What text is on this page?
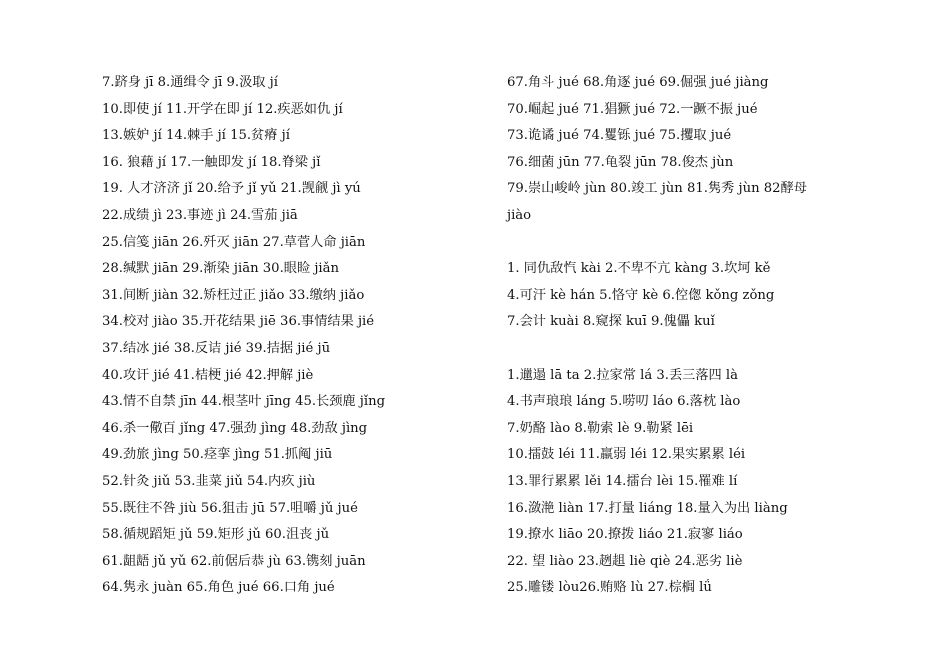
7.跻身 jī 8.通缉令 jī 9.汲取 jí
10.即使 jí 11.开学在即 jí 12.疾恶如仇 jí
13.嫉妒 jí 14.棘手 jí 15.贫瘠 jí
16. 狼藉 jí 17.一触即发 jí 18.脊梁 jǐ
19. 人才济济 jǐ 20.给予 jǐ yǔ 21.觊觎 jì yú
22.成绩 jì 23.事迹 jì 24.雪茄 jiā
25.信笺 jiān 26.歼灭 jiān 27.草菅人命 jiān
28.缄默 jiān 29.渐染 jiān 30.眼睑 jiǎn
31.间断 jiàn 32.矫枉过正 jiǎo 33.缴纳 jiǎo
34.校对 jiào 35.开花结果 jiē 36.事情结果 jié
37.结冰 jié 38.反诘 jié 39.拮据 jié jū
40.攻讦 jié 41.桔梗 jié 42.押解 jiè
43.情不自禁 jīn 44.根茎叶 jīng 45.长颈鹿 jǐng
46.杀一儆百 jǐng 47.强劲 jìng 48.劲敌 jìng
49.劲旅 jìng 50.痉挛 jìng 51.抓阄 jiū
52.针灸 jiǔ 53.韭菜 jiǔ 54.内疚 jiù
55.既往不咎 jiù 56.狙击 jū 57.咀嚼 jǔ jué
58.循规蹈矩 jǔ 59.矩形 jǔ 60.沮丧 jǔ
61.龃龉 jǔ yǔ 62.前倨后恭 jù 63.镌刻 juān
64.隽永 juàn 65.角色 jué 66.口角 jué
67.角斗 jué 68.角逐 jué 69.倔强 jué jiàng
70.崛起 jué 71.猖獗 jué 72.一蹶不振 jué
73.诡谲 jué 74.矍铄 jué 75.攫取 jué
76.细菌 jūn 77.龟裂 jūn 78.俊杰 jùn
79.崇山峻岭 jùn 80.竣工 jùn 81.隽秀 jùn 82酵母 jiào
1. 同仇敌忾 kài 2.不卑不亢 kàng 3.坎坷 kě
4.可汗 kè hán 5.恪守 kè 6.倥偬 kǒng zǒng
7.会计 kuài 8.窥探 kuī 9.傀儡 kuǐ
1.邋遢 lā ta 2.拉家常 lá 3.丢三落四 là
4.书声琅琅 láng 5.唠叨 láo 6.落枕 lào
7.奶酪 lào 8.勒索 lè 9.勒紧 lēi
10.擂鼓 léi 11.羸弱 léi 12.果实累累 léi
13.罪行累累 lěi 14.擂台 lèi 15.罹难 lí
16.潋滟 liàn 17.打量 liáng 18.量入为出 liàng
19.撩水 liāo 20.撩拨 liáo 21.寂寥 liáo
22. 望 liào 23.趔趄 liè qiè 24.恶劣 liè
25.雕镂 lòu26.贿赂 lù 27.棕榈 lǘ
